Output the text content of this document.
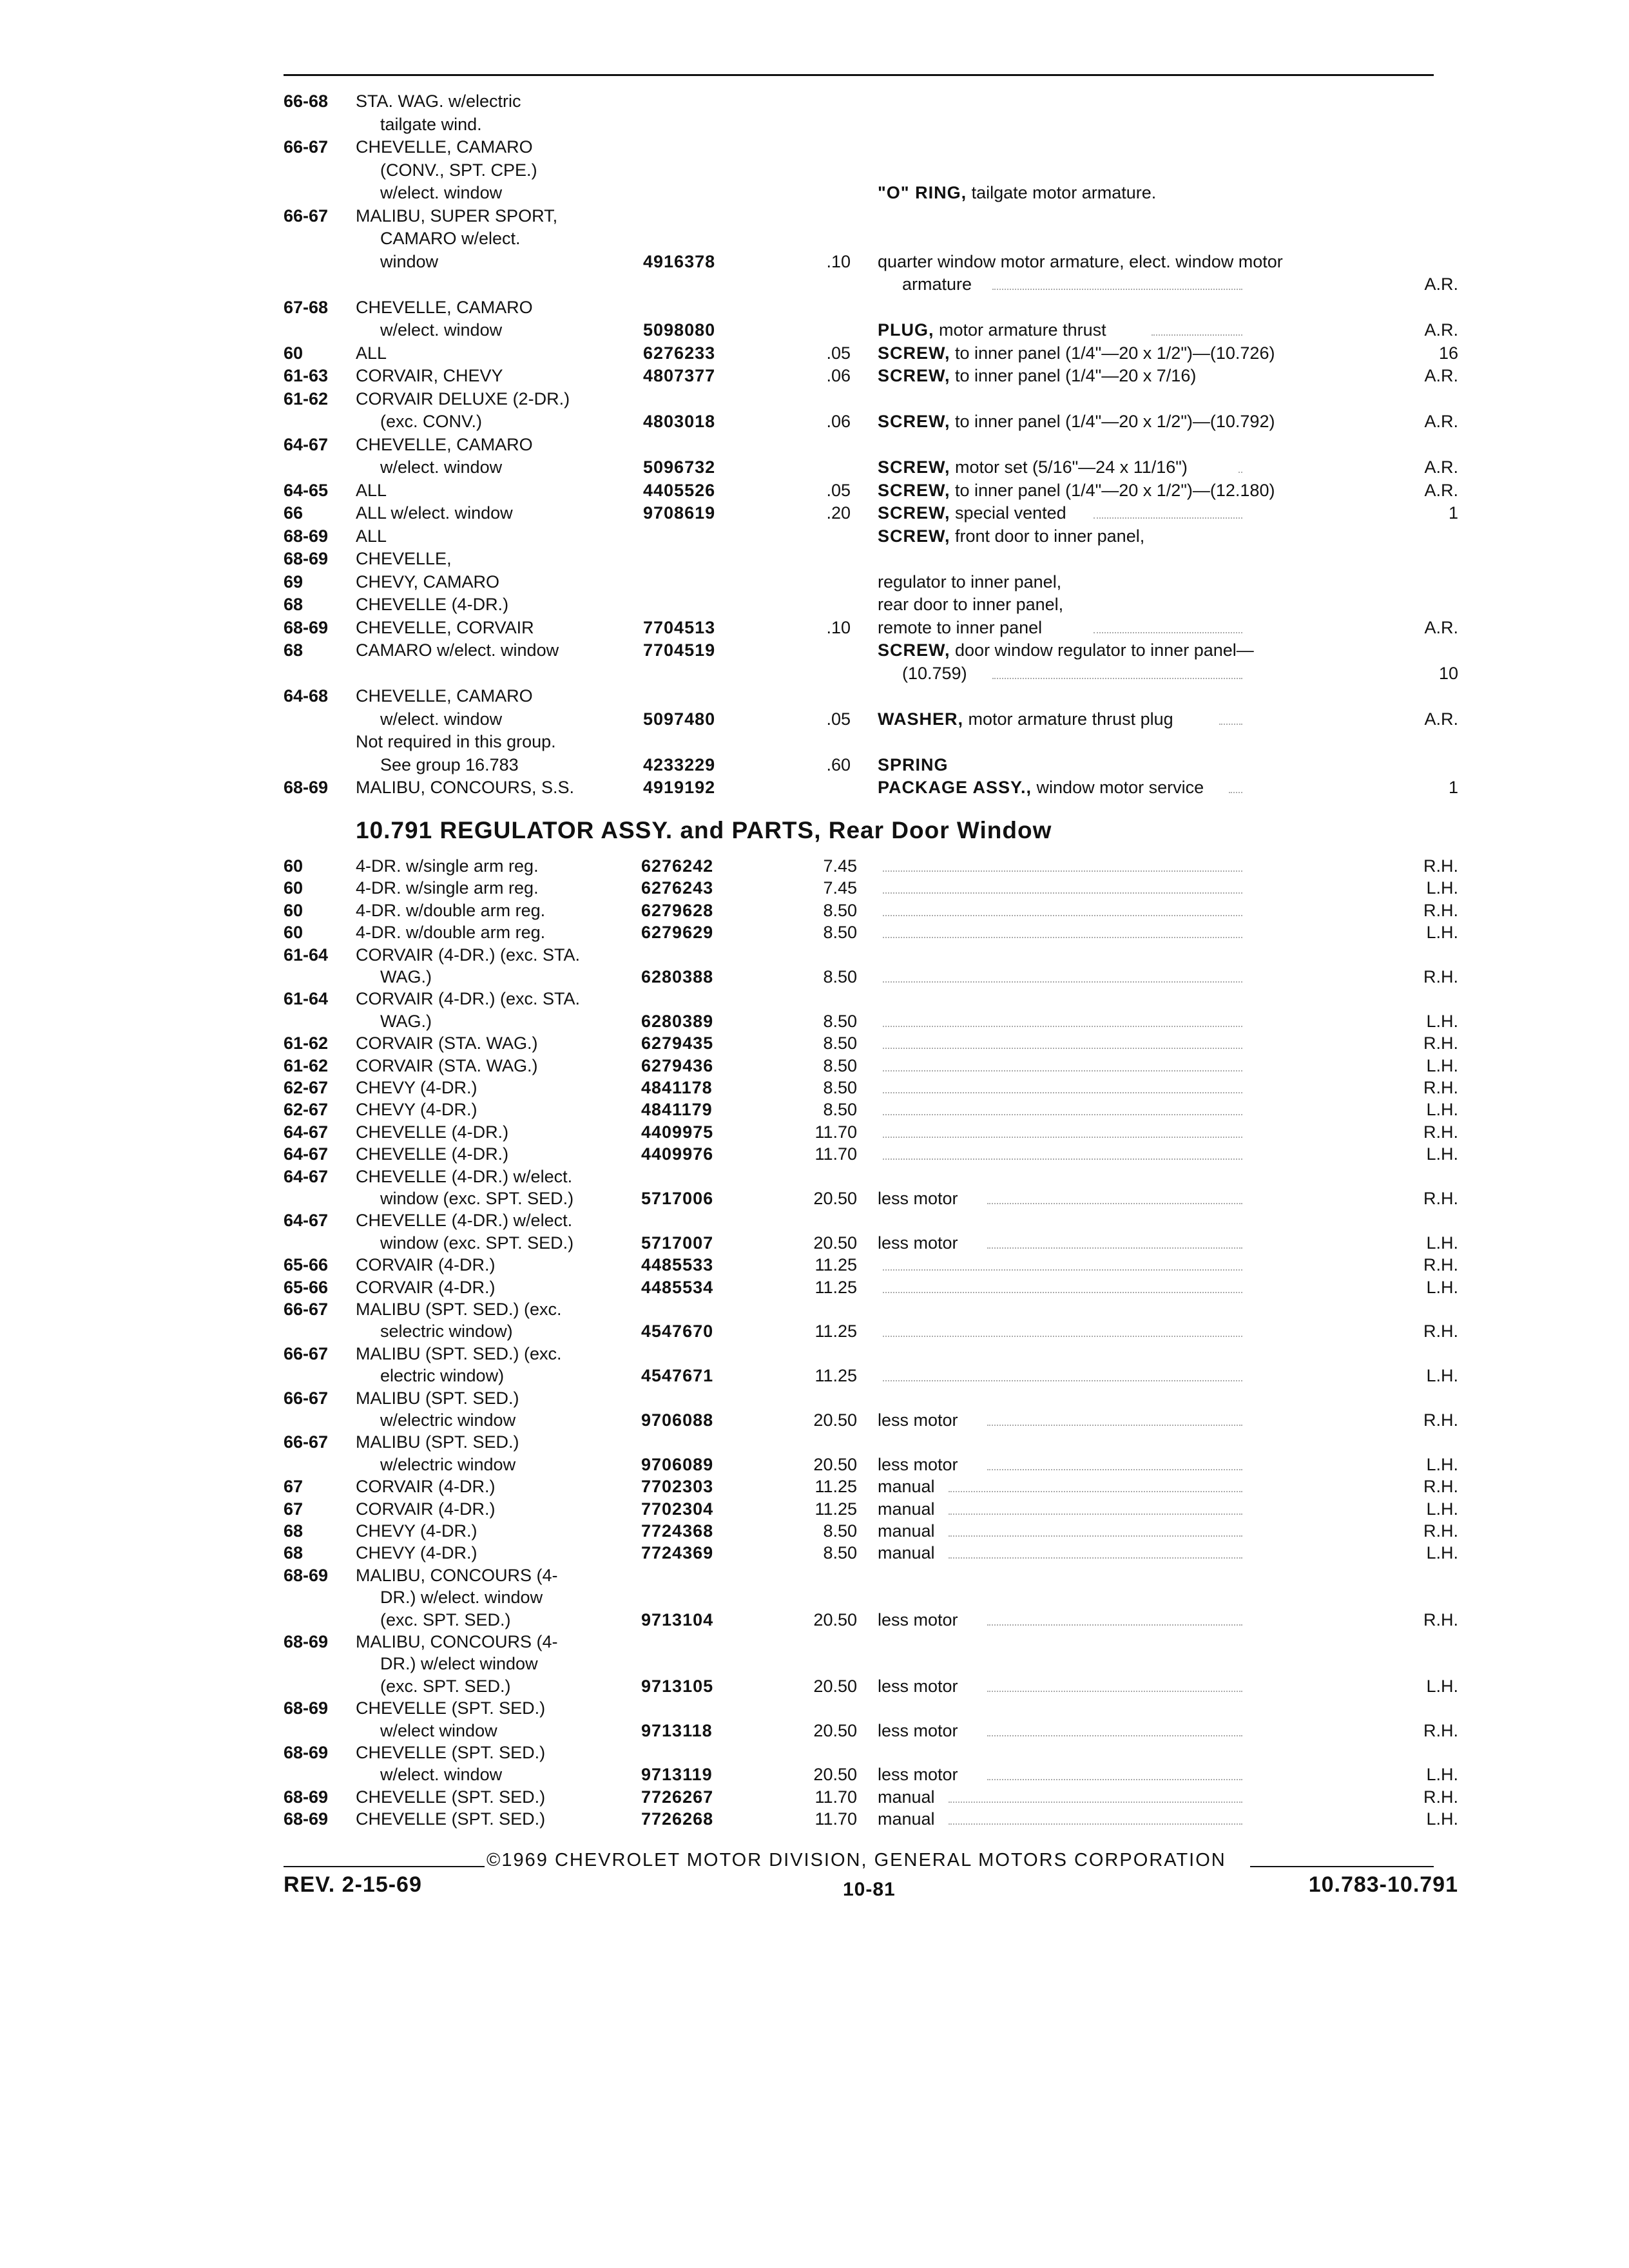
66-68 STA. WAG. w/electric
tailgate wind.
66-67 CHEVELLE, CAMARO
(CONV., SPT. CPE.)
w/elect. window	"O" RING, tailgate motor armature.
66-67 MALIBU, SUPER SPORT,
CAMARO w/elect.
window	4916378	.10 quarter window motor armature, elect. window motor
armature	A.R.
67-68 CHEVELLE, CAMARO
w/elect. window	5098080	PLUG, motor armature thrust	A.R.
60	ALL	6276233	.05 SCREW, to inner panel (1/4"—20 x 1/2")—(10.726)	16
61-63 CORVAIR, CHEVY	4807377	.06 SCREW, to inner panel (1/4"—20 x 7/16)	A.R.
61-62 CORVAIR DELUXE (2-DR.)
(exc. CONV.)	4803018	.06 SCREW, to inner panel (1/4"—20 x 1/2")—(10.792)	A.R.
64-67 CHEVELLE, CAMARO
w/elect. window	5096732	SCREW, motor set (5/16"—24 x 11/16")	A.R.
64-65 ALL	4405526	.05 SCREW, to inner panel (1/4"—20 x 1/2")—(12.180)	A.R.
66	ALL w/elect. window	9708619	.20 SCREW, special vented	1
68-69 ALL	SCREW, front door to inner panel,
68-69 CHEVELLE,
69	CHEVY, CAMARO	regulator to inner panel,
68	CHEVELLE (4-DR.)	rear door to inner panel,
68-69 CHEVELLE, CORVAIR	7704513	.10 remote to inner panel	A.R.
68	CAMARO w/elect. window	7704519	SCREW, door window regulator to inner panel—
(10.759)	10
64-68 CHEVELLE, CAMARO
w/elect. window	5097480	.05 WASHER, motor armature thrust plug	A.R.
Not required in this group.
See group 16.783	4233229	.60 SPRING
68-69 MALIBU, CONCOURS, S.S.	4919192	PACKAGE ASSY., window motor service	1
10.791 REGULATOR ASSY. and PARTS, Rear Door Window
60	4-DR. w/single arm reg.	6276242	7.45	R.H.
60	4-DR. w/single arm reg.	6276243	7.45	L.H.
60	4-DR. w/double arm reg.	6279628	8.50	R.H.
60	4-DR. w/double arm reg.	6279629	8.50	L.H.
61-64 CORVAIR (4-DR.) (exc. STA.
WAG.)	6280388	8.50	R.H.
61-64 CORVAIR (4-DR.) (exc. STA.
WAG.)	6280389	8.50	L.H.
61-62 CORVAIR (STA. WAG.)	6279435	8.50	R.H.
61-62 CORVAIR (STA. WAG.)	6279436	8.50	L.H.
62-67 CHEVY (4-DR.)	4841178	8.50	R.H.
62-67 CHEVY (4-DR.)	4841179	8.50	L.H.
64-67 CHEVELLE (4-DR.)	4409975	11.70	R.H.
64-67 CHEVELLE (4-DR.)	4409976	11.70	L.H.
64-67 CHEVELLE (4-DR.) w/elect.
window (exc. SPT. SED.)	5717006	20.50 less motor	R.H.
64-67 CHEVELLE (4-DR.) w/elect.
window (exc. SPT. SED.)	5717007	20.50 less motor	L.H.
65-66 CORVAIR (4-DR.)	4485533	11.25	R.H.
65-66 CORVAIR (4-DR.)	4485534	11.25	L.H.
66-67 MALIBU (SPT. SED.) (exc.
selectric window)	4547670	11.25	R.H.
66-67 MALIBU (SPT. SED.) (exc.
electric window)	4547671	11.25	L.H.
66-67 MALIBU (SPT. SED.)
w/electric window	9706088	20.50 less motor	R.H.
66-67 MALIBU (SPT. SED.)
w/electric window	9706089	20.50 less motor	L.H.
67	CORVAIR (4-DR.)	7702303	11.25 manual	R.H.
67	CORVAIR (4-DR.)	7702304	11.25 manual	L.H.
68	CHEVY (4-DR.)	7724368	8.50 manual	R.H.
68	CHEVY (4-DR.)	7724369	8.50 manual	L.H.
68-69 MALIBU, CONCOURS (4-
DR.) w/elect. window
(exc. SPT. SED.)	9713104	20.50 less motor	R.H.
68-69 MALIBU, CONCOURS (4-
DR.) w/elect window
(exc. SPT. SED.)	9713105	20.50 less motor	L.H.
68-69 CHEVELLE (SPT. SED.)
w/elect window	9713118	20.50 less motor	R.H.
68-69 CHEVELLE (SPT. SED.)
w/elect. window	9713119	20.50 less motor	L.H.
68-69 CHEVELLE (SPT. SED.)	7726267	11.70 manual	R.H.
68-69 CHEVELLE (SPT. SED.)	7726268	11.70 manual	L.H.
©1969 CHEVROLET MOTOR DIVISION, GENERAL MOTORS CORPORATION
REV. 2-15-69	10-81	10.783-10.791
